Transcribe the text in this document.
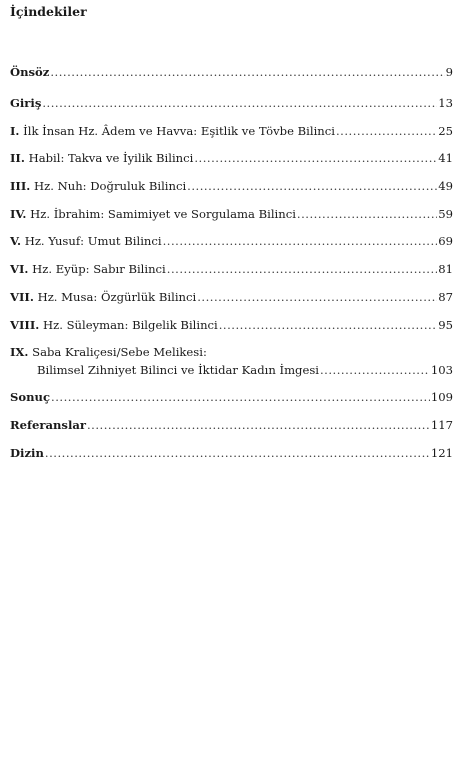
İçindekiler
Önsöz .....	9
Giriş .....	13
I. İlk İnsan Hz. Âdem ve Havva: Eşitlik ve Tövbe Bilinci .....	25
II. Habil: Takva ve İyilik Bilinci .....	41
III. Hz. Nuh: Doğruluk Bilinci .....	49
IV. Hz. İbrahim: Samimiyet ve Sorgulama Bilinci .....	59
V. Hz. Yusuf: Umut Bilinci .....	69
VI. Hz. Eyüp: Sabır Bilinci .....	81
VII. Hz. Musa: Özgürlük Bilinci .....	87
VIII. Hz. Süleyman: Bilgelik Bilinci .....	95
IX. Saba Kraliçesi/Sebe Melikesi:
Bilimsel Zihniyet Bilinci ve İktidar Kadın İmgesi .....	103
Sonuç .....	109
Referanslar .....	117
Dizin .....	121
